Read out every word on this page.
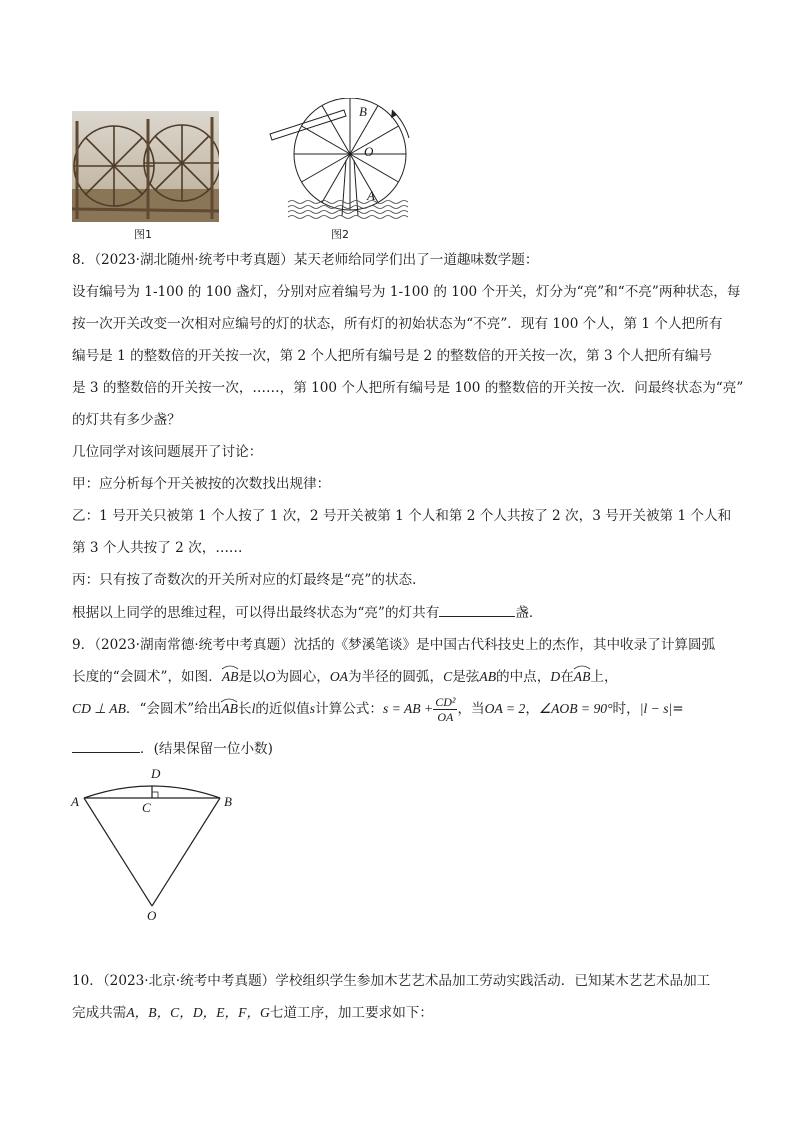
图1
B
O
A
图2
8．（2023·湖北随州·统考中考真题）某天老师给同学们出了一道趣味数学题：
设有编号为 1-100 的 100 盏灯，分别对应着编号为 1-100 的 100 个开关，灯分为“亮”和“不亮”两种状态，每
按一次开关改变一次相对应编号的灯的状态，所有灯的初始状态为“不亮”．现有 100 个人，第 1 个人把所有
编号是 1 的整数倍的开关按一次，第 2 个人把所有编号是 2 的整数倍的开关按一次，第 3 个人把所有编号
是 3 的整数倍的开关按一次，……，第 100 个人把所有编号是 100 的整数倍的开关按一次．问最终状态为“亮”
的灯共有多少盏？
几位同学对该问题展开了讨论：
甲：应分析每个开关被按的次数找出规律：
乙：1 号开关只被第 1 个人按了 1 次，2 号开关被第 1 个人和第 2 个人共按了 2 次，3 号开关被第 1 个人和
第 3 个人共按了 2 次，……
丙：只有按了奇数次的开关所对应的灯最终是“亮”的状态．
根据以上同学的思维过程，可以得出最终状态为“亮”的灯共有	盏．
9．（2023·湖南常德·统考中考真题）沈括的《梦溪笔谈》是中国古代科技史上的杰作，其中收录了计算圆弧
长度的“会圆术”，如图．AB
是以O为圆心，OA为半径的圆弧，C是弦AB的中点，D在AB
上，
CD ⊥ AB．“会圆术”给出AB
长l的近似值s计算公式：s = AB + $\frac{\text{CD²}}{OA}$ ，当OA = 2，∠AOB = 90°时，|l − s|=
．(结果保留一位小数)
D
A	B
C
O
10．（2023·北京·统考中考真题）学校组织学生参加木艺艺术品加工劳动实践活动．已知某木艺艺术品加工
完成共需A，B，C，D，E，F，G七道工序，加工要求如下：
